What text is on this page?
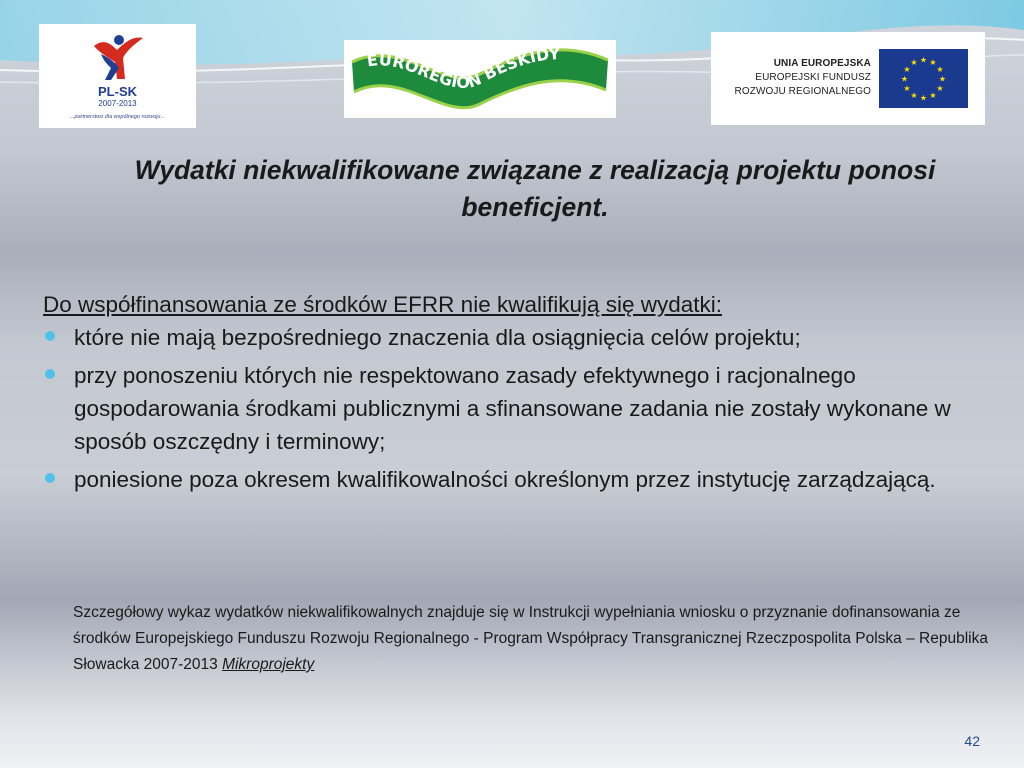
PL-SK
2007-2013
...partnerstwo dla wspólnego rozwoju...
EUROREGION BESKIDY	UNIA EUROPEJSKA
EUROPEJSKI FUNDUSZ
ROZWOJU REGIONALNEGO
★ ★
★
★
★
★
★
★
★
★
★
★
Wydatki niekwalifikowane związane z realizacją projektu ponosi beneficjent.

Do współfinansowania ze środków EFRR nie kwalifikują się wydatki:

które nie mają bezpośredniego znaczenia dla osiągnięcia celów projektu;
przy ponoszeniu których nie respektowano zasady efektywnego i racjonalnego gospodarowania środkami publicznymi a sfinansowane zadania nie zostały wykonane w sposób oszczędny i terminowy;
poniesione poza okresem kwalifikowalności określonym przez instytucję zarządzającą.
Szczegółowy wykaz wydatków niekwalifikowalnych znajduje się w Instrukcji wypełniania wniosku o przyznanie dofinansowania ze środków Europejskiego Funduszu Rozwoju Regionalnego - Program Współpracy Transgranicznej Rzeczpospolita Polska – Republika Słowacka 2007-2013 Mikroprojekty
42
